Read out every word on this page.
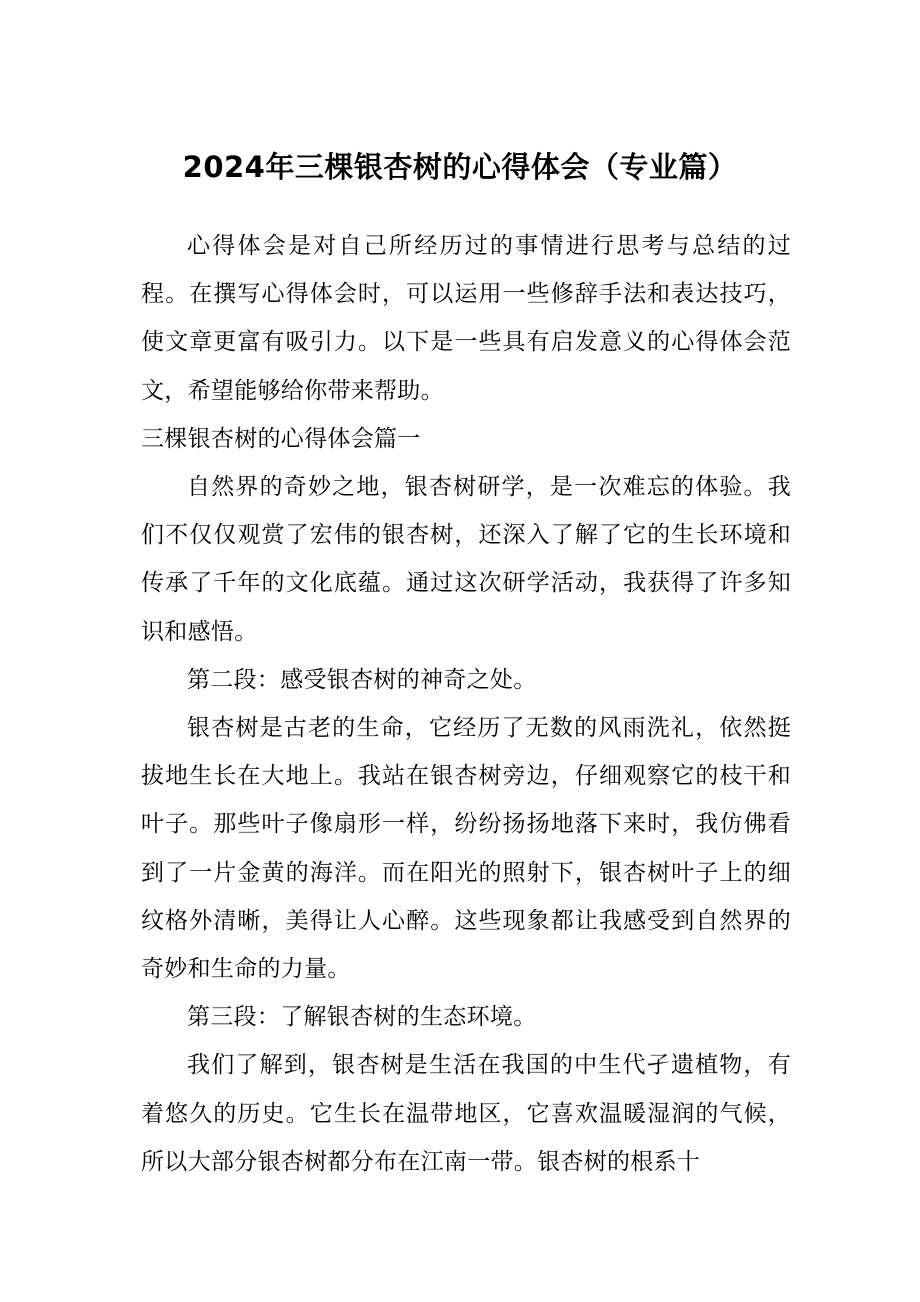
2024年三棵银杏树的心得体会（专业篇）

心得体会是对自己所经历过的事情进行思考与总结的过程。在撰写心得体会时，可以运用一些修辞手法和表达技巧，使文章更富有吸引力。以下是一些具有启发意义的心得体会范文，希望能够给你带来帮助。

三棵银杏树的心得体会篇一

自然界的奇妙之地，银杏树研学，是一次难忘的体验。我们不仅仅观赏了宏伟的银杏树，还深入了解了它的生长环境和传承了千年的文化底蕴。通过这次研学活动，我获得了许多知识和感悟。

第二段：感受银杏树的神奇之处。

银杏树是古老的生命，它经历了无数的风雨洗礼，依然挺拔地生长在大地上。我站在银杏树旁边，仔细观察它的枝干和叶子。那些叶子像扇形一样，纷纷扬扬地落下来时，我仿佛看到了一片金黄的海洋。而在阳光的照射下，银杏树叶子上的细纹格外清晰，美得让人心醉。这些现象都让我感受到自然界的奇妙和生命的力量。

第三段：了解银杏树的生态环境。

我们了解到，银杏树是生活在我国的中生代孑遗植物，有着悠久的历史。它生长在温带地区，它喜欢温暖湿润的气候，所以大部分银杏树都分布在江南一带。银杏树的根系十
